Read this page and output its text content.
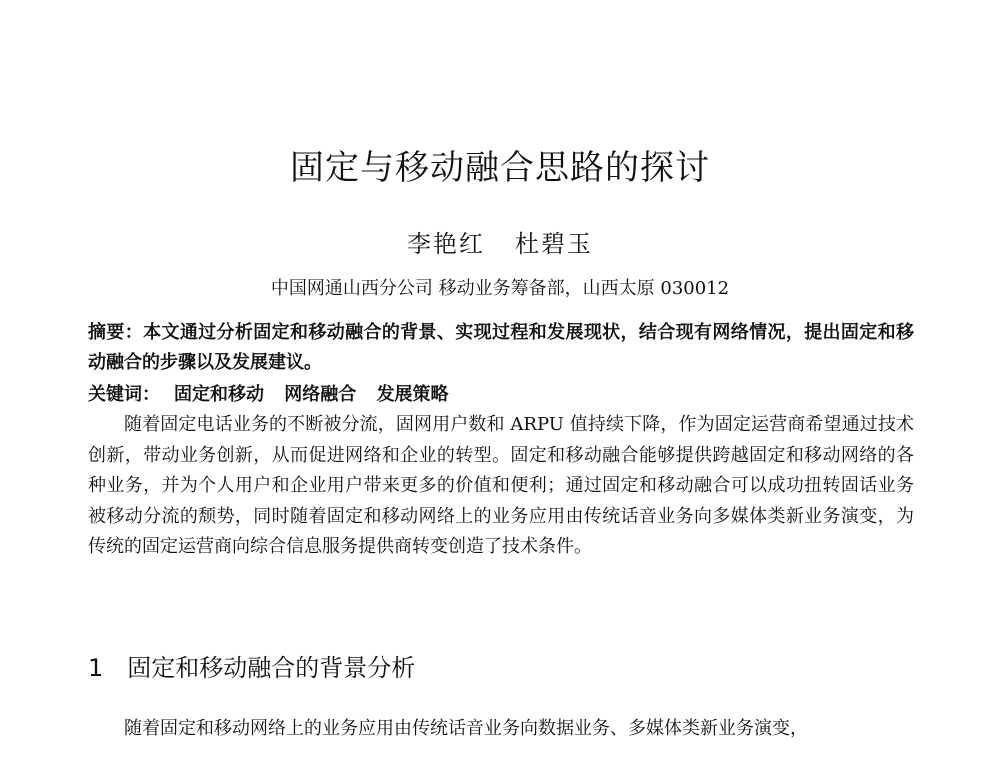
固定与移动融合思路的探讨
李艳红 杜碧玉
中国网通山西分公司 移动业务筹备部，山西太原 030012
摘要：本文通过分析固定和移动融合的背景、实现过程和发展现状，结合现有网络情况，提出固定和移动融合的步骤以及发展建议。
关键词： 固定和移动 网络融合 发展策略

随着固定电话业务的不断被分流，固网用户数和 ARPU 值持续下降，作为固定运营商希望通过技术创新，带动业务创新，从而促进网络和企业的转型。固定和移动融合能够提供跨越固定和移动网络的各种业务，并为个人用户和企业用户带来更多的价值和便利；通过固定和移动融合可以成功扭转固话业务被移动分流的颓势，同时随着固定和移动网络上的业务应用由传统话音业务向多媒体类新业务演变，为传统的固定运营商向综合信息服务提供商转变创造了技术条件。

1 固定和移动融合的背景分析

随着固定和移动网络上的业务应用由传统话音业务向数据业务、多媒体类新业务演变，
